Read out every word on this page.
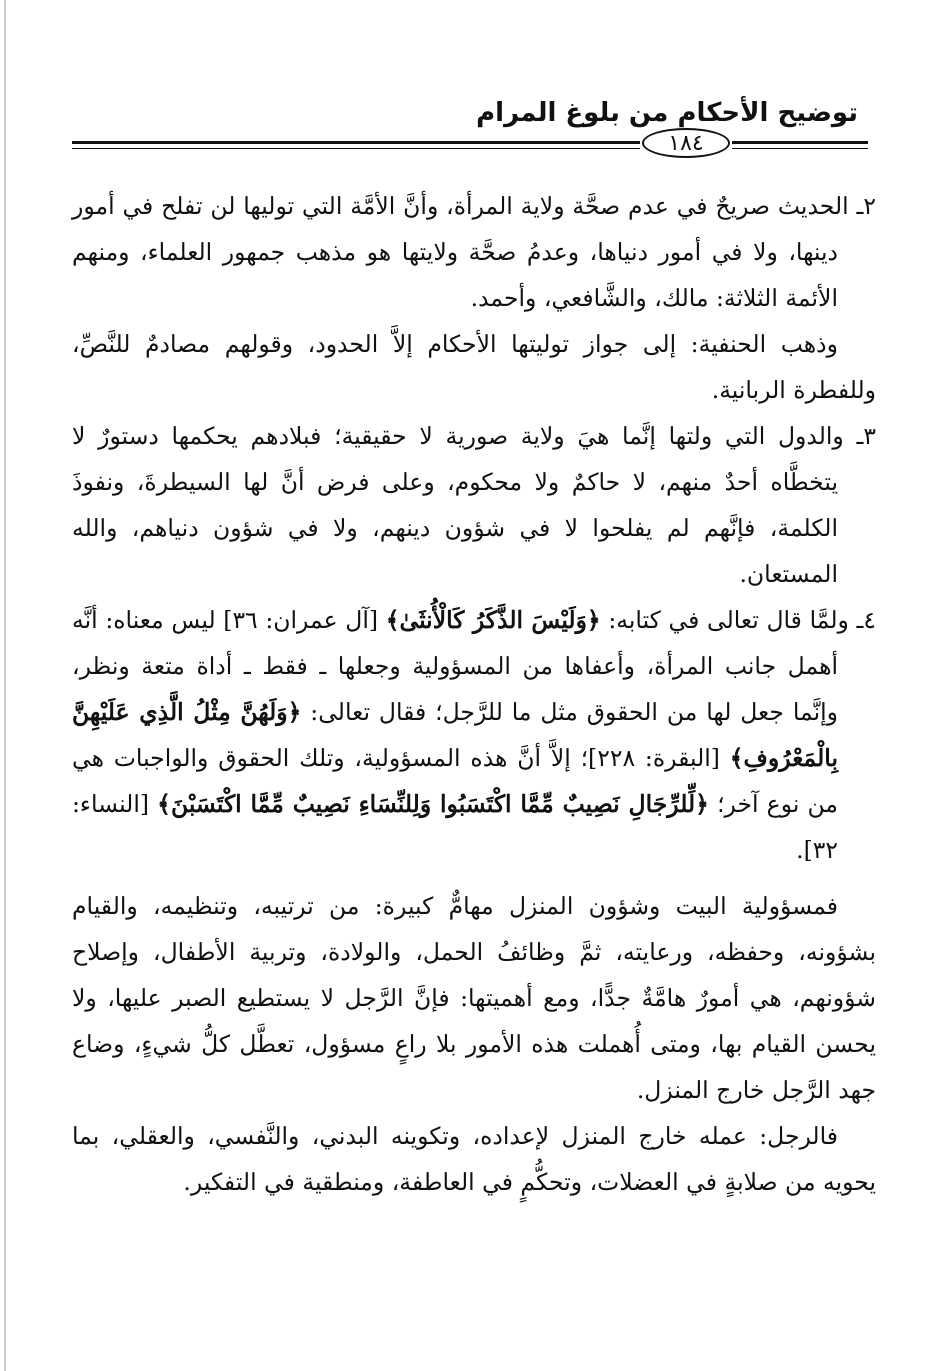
توضيح الأحكام من بلوغ المرام
١٨٤

٢ـ الحديث صريحٌ في عدم صحَّة ولاية المرأة، وأنَّ الأمَّة التي توليها لن تفلح في أمور دينها، ولا في أمور دنياها، وعدمُ صحَّة ولايتها هو مذهب جمهور العلماء، ومنهم الأئمة الثلاثة: مالك، والشَّافعي، وأحمد.

وذهب الحنفية: إلى جواز توليتها الأحكام إلاَّ الحدود، وقولهم مصادمٌ للنَّصِّ، وللفطرة الربانية.

٣ـ والدول التي ولتها إنَّما هيَ ولاية صورية لا حقيقية؛ فبلادهم يحكمها دستورٌ لا يتخطَّاه أحدٌ منهم، لا حاكمٌ ولا محكوم، وعلى فرض أنَّ لها السيطرةَ، ونفوذَ الكلمة، فإنَّهم لم يفلحوا لا في شؤون دينهم، ولا في شؤون دنياهم، والله المستعان.

٤ـ ولمَّا قال تعالى في كتابه: ﴿وَلَيْسَ الذَّكَرُ كَالْأُنثَىٰ﴾ [آل عمران: ٣٦] ليس معناه: أنَّه أهمل جانب المرأة، وأعفاها من المسؤولية وجعلها ـ فقط ـ أداة متعة ونظر، وإنَّما جعل لها من الحقوق مثل ما للرَّجل؛ فقال تعالى: ﴿وَلَهُنَّ مِثْلُ الَّذِي عَلَيْهِنَّ بِالْمَعْرُوفِ﴾ [البقرة: ٢٢٨]؛ إلاَّ أنَّ هذه المسؤولية، وتلك الحقوق والواجبات هي من نوع آخر؛ ﴿لِّلرِّجَالِ نَصِيبٌ مِّمَّا اكْتَسَبُوا وَلِلنِّسَاءِ نَصِيبٌ مِّمَّا اكْتَسَبْنَ﴾ [النساء: ٣٢].

فمسؤولية البيت وشؤون المنزل مهامٌّ كبيرة: من ترتيبه، وتنظيمه، والقيام بشؤونه، وحفظه، ورعايته، ثمَّ وظائفُ الحمل، والولادة، وتربية الأطفال، وإصلاح شؤونهم، هي أمورٌ هامَّةٌ جدًّا، ومع أهميتها: فإنَّ الرَّجل لا يستطيع الصبر عليها، ولا يحسن القيام بها، ومتى أُهملت هذه الأمور بلا راعٍ مسؤول، تعطَّل كلُّ شيءٍ، وضاع جهد الرَّجل خارج المنزل.

فالرجل: عمله خارج المنزل لإعداده، وتكوينه البدني، والنَّفسي، والعقلي، بما يحويه من صلابةٍ في العضلات، وتحكُّمٍ في العاطفة، ومنطقية في التفكير.
